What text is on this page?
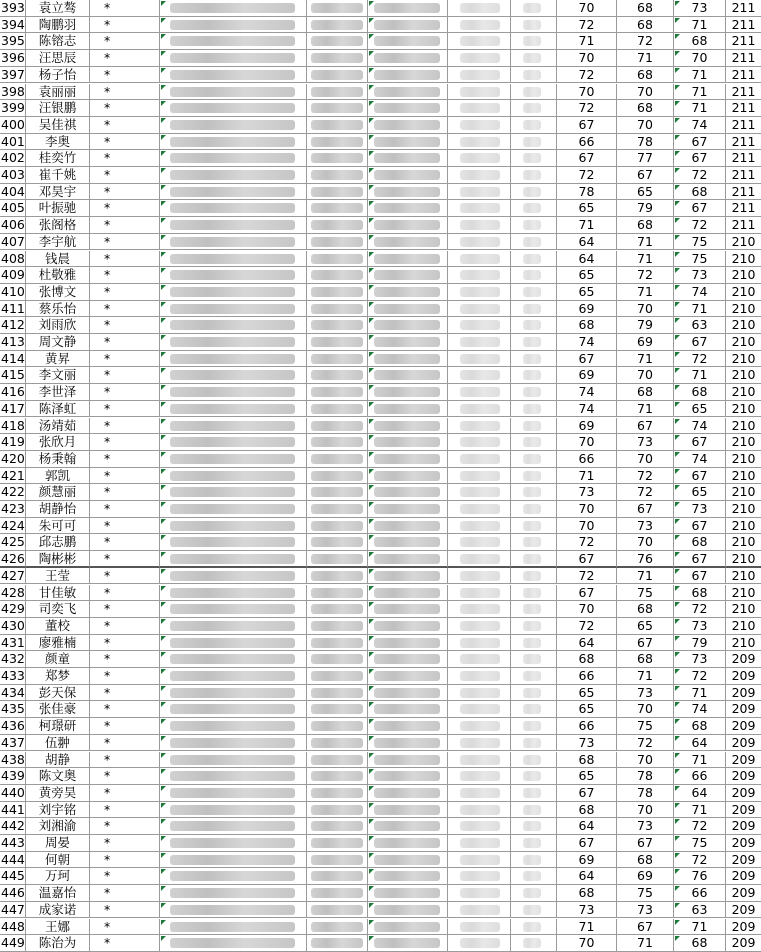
393	袁立骜	*	70	68	73	211
394	陶鹏羽	*	72	68	71	211
395	陈镕志	*	71	72	68	211
396	汪思辰	*	70	71	70	211
397	杨子怡	*	72	68	71	211
398	袁丽丽	*	70	70	71	211
399	汪银鹏	*	72	68	71	211
400	吴佳祺	*	67	70	74	211
401	李奥	*	66	78	67	211
402	桂奕竹	*	67	77	67	211
403	崔千姚	*	72	67	72	211
404	邓昊宇	*	78	65	68	211
405	叶振驰	*	65	79	67	211
406	张阁格	*	71	68	72	211
407	李宇航	*	64	71	75	210
408	钱晨	*	64	71	75	210
409	杜敬雅	*	65	72	73	210
410	张博文	*	65	71	74	210
411	蔡乐怡	*	69	70	71	210
412	刘雨欣	*	68	79	63	210
413	周文静	*	74	69	67	210
414	黄昇	*	67	71	72	210
415	李文丽	*	69	70	71	210
416	李世泽	*	74	68	68	210
417	陈泽虹	*	74	71	65	210
418	汤靖茹	*	69	67	74	210
419	张欣月	*	70	73	67	210
420	杨秉翰	*	66	70	74	210
421	郭凯	*	71	72	67	210
422	颜慧丽	*	73	72	65	210
423	胡静怡	*	70	67	73	210
424	朱可可	*	70	73	67	210
425	邱志鹏	*	72	70	68	210
426	陶彬彬	*	67	76	67	210
427	王莹	*	72	71	67	210
428	甘佳敏	*	67	75	68	210
429	司奕飞	*	70	68	72	210
430	董校	*	72	65	73	210
431	廖雅楠	*	64	67	79	210
432	颜童	*	68	68	73	209
433	郑梦	*	66	71	72	209
434	彭天保	*	65	73	71	209
435	张佳豪	*	65	70	74	209
436	柯璟研	*	66	75	68	209
437	伍翀	*	73	72	64	209
438	胡静	*	68	70	71	209
439	陈文奥	*	65	78	66	209
440	黄旁昊	*	67	78	64	209
441	刘宇铭	*	68	70	71	209
442	刘湘渝	*	64	73	72	209
443	周晏	*	67	67	75	209
444	何朝	*	69	68	72	209
445	万珂	*	64	69	76	209
446	温嘉怡	*	68	75	66	209
447	成家诺	*	73	73	63	209
448	王娜	*	71	67	71	209
449	陈治为	*	70	71	68	209
